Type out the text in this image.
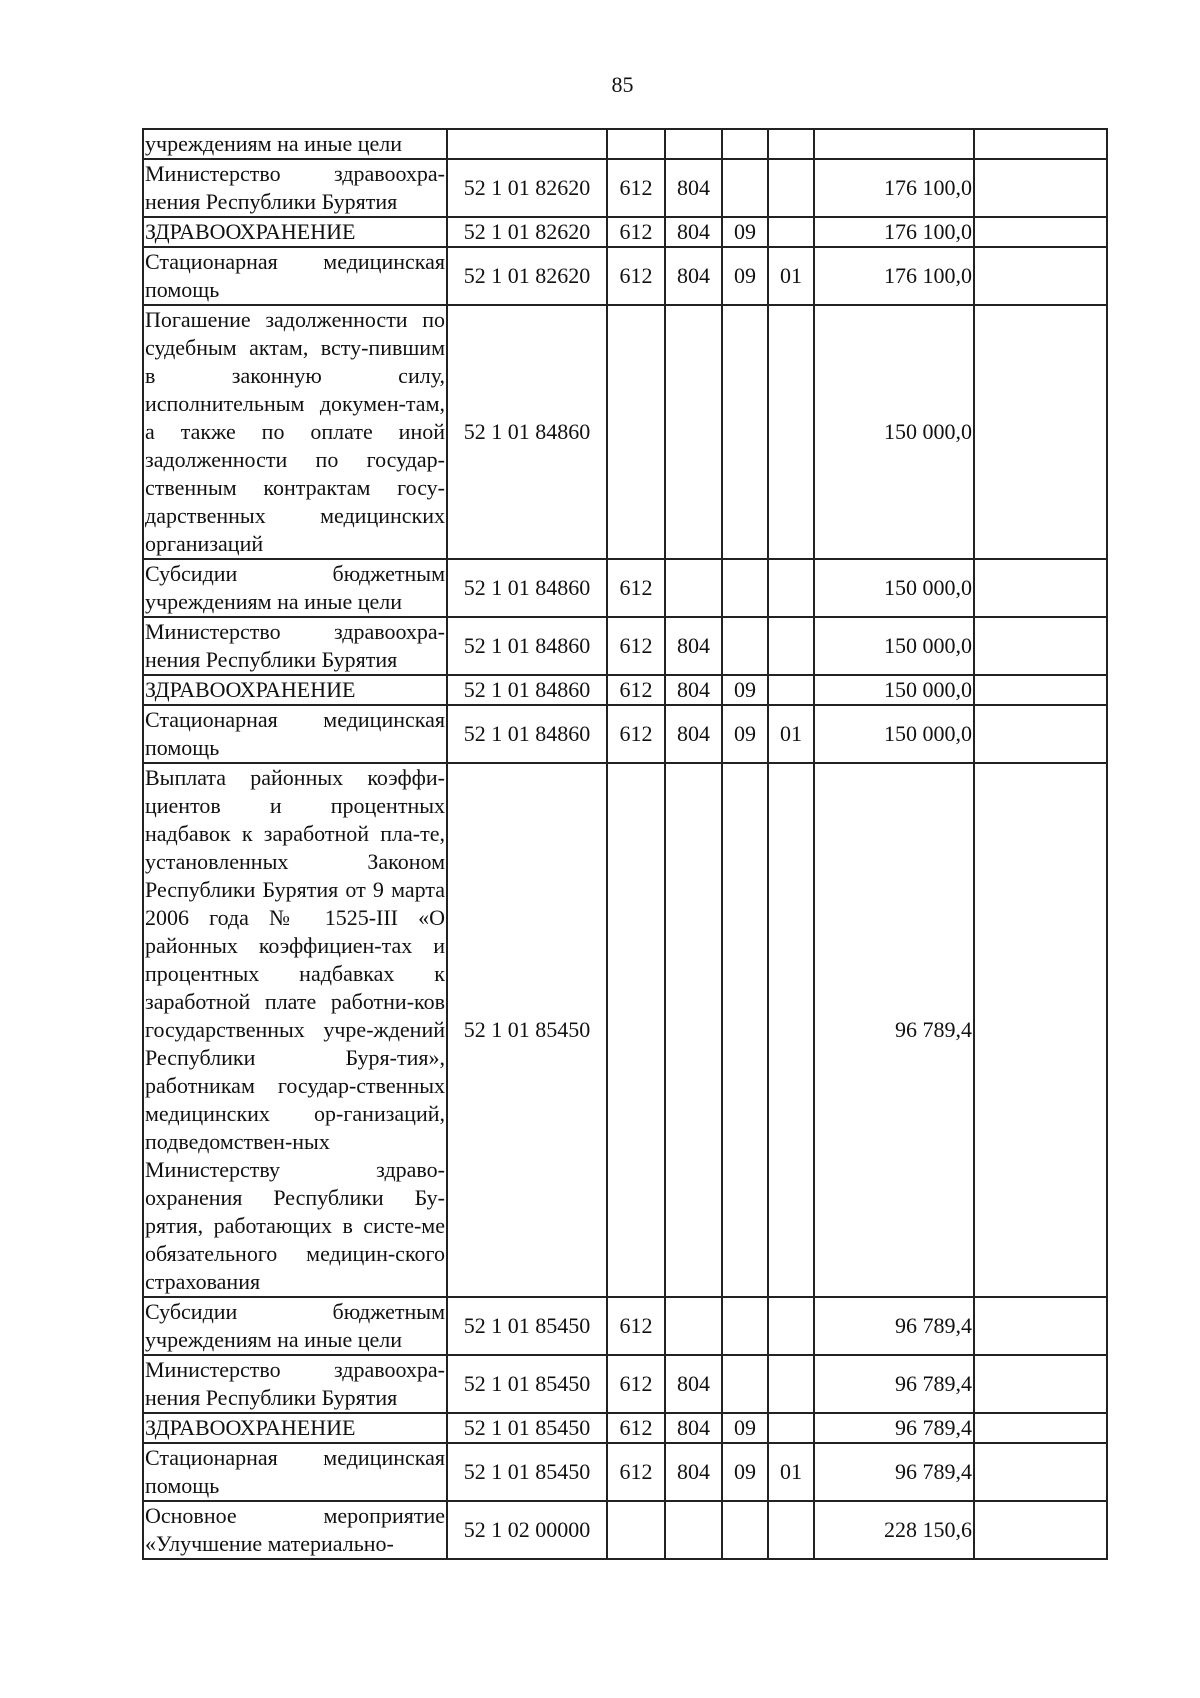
85
учреждениям на иные цели							
Министерство здравоохра-нения Республики Бурятия	52 1 01 82620	612	804			176 100,0	
ЗДРАВООХРАНЕНИЕ	52 1 01 82620	612	804	09		176 100,0	
Стационарная медицинская помощь	52 1 01 82620	612	804	09	01	176 100,0	
Погашение задолженности по судебным актам, всту-пившим в законную силу, исполнительным докумен-там, а также по оплате иной задолженности по государ-ственным контрактам госу-дарственных медицинских организаций	52 1 01 84860					150 000,0	
Субсидии бюджетным учреждениям на иные цели	52 1 01 84860	612				150 000,0	
Министерство здравоохра-нения Республики Бурятия	52 1 01 84860	612	804			150 000,0	
ЗДРАВООХРАНЕНИЕ	52 1 01 84860	612	804	09		150 000,0	
Стационарная медицинская помощь	52 1 01 84860	612	804	09	01	150 000,0	
Выплата районных коэффи-циентов и процентных надбавок к заработной пла-те, установленных Законом Республики Бурятия от 9 марта 2006 года № 1525-III «О районных коэффициен-тах и процентных надбавках к заработной плате работни-ков государственных учре-ждений Республики Буря-тия», работникам государ-ственных медицинских ор-ганизаций, подведомствен-ных Министерству здраво-охранения Республики Бу-рятия, работающих в систе-ме обязательного медицин-ского страхования	52 1 01 85450					96 789,4	
Субсидии бюджетным учреждениям на иные цели	52 1 01 85450	612				96 789,4	
Министерство здравоохра-нения Республики Бурятия	52 1 01 85450	612	804			96 789,4	
ЗДРАВООХРАНЕНИЕ	52 1 01 85450	612	804	09		96 789,4	
Стационарная медицинская помощь	52 1 01 85450	612	804	09	01	96 789,4	
Основное мероприятие «Улучшение материально-	52 1 02 00000					228 150,6	
